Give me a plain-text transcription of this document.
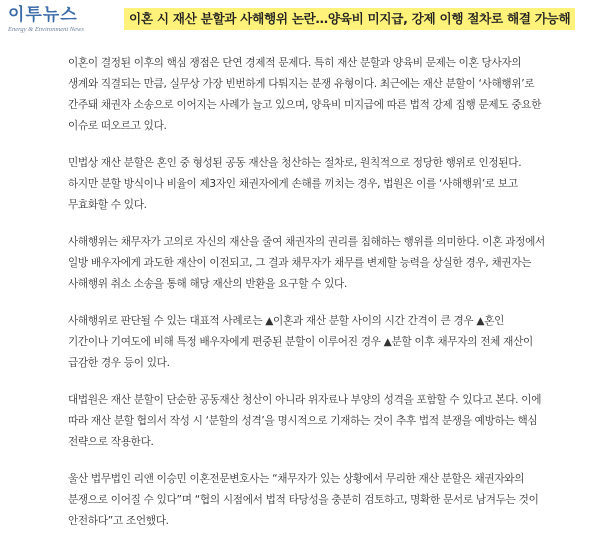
이투뉴스
Energy & Environment News
이혼 시 재산 분할과 사해행위 논란…양육비 미지급, 강제 이행 절차로 해결 가능해

이혼이 결정된 이후의 핵심 쟁점은 단연 경제적 문제다. 특히 재산 분할과 양육비 문제는 이혼 당사자의 생계와 직결되는 만큼, 실무상 가장 빈번하게 다퉈지는 분쟁 유형이다. 최근에는 재산 분할이 ‘사해행위’로 간주돼 채권자 소송으로 이어지는 사례가 늘고 있으며, 양육비 미지급에 따른 법적 강제 집행 문제도 중요한 이슈로 떠오르고 있다.

민법상 재산 분할은 혼인 중 형성된 공동 재산을 청산하는 절차로, 원칙적으로 정당한 행위로 인정된다. 하지만 분할 방식이나 비율이 제3자인 채권자에게 손해를 끼치는 경우, 법원은 이를 ‘사해행위’로 보고 무효화할 수 있다.

사해행위는 채무자가 고의로 자신의 재산을 줄여 채권자의 권리를 침해하는 행위를 의미한다. 이혼 과정에서 일방 배우자에게 과도한 재산이 이전되고, 그 결과 채무자가 채무를 변제할 능력을 상실한 경우, 채권자는 사해행위 취소 소송을 통해 해당 재산의 반환을 요구할 수 있다.

사해행위로 판단될 수 있는 대표적 사례로는 ▲이혼과 재산 분할 사이의 시간 간격이 큰 경우 ▲혼인 기간이나 기여도에 비해 특정 배우자에게 편중된 분할이 이루어진 경우 ▲분할 이후 채무자의 전체 재산이 급감한 경우 등이 있다.

대법원은 재산 분할이 단순한 공동재산 청산이 아니라 위자료나 부양의 성격을 포함할 수 있다고 본다. 이에 따라 재산 분할 협의서 작성 시 ‘분할의 성격’을 명시적으로 기재하는 것이 추후 법적 분쟁을 예방하는 핵심 전략으로 작용한다.

울산 법무법인 리앤 이승민 이혼전문변호사는 “채무자가 있는 상황에서 무리한 재산 분할은 채권자와의 분쟁으로 이어질 수 있다”며 “협의 시점에서 법적 타당성을 충분히 검토하고, 명확한 문서로 남겨두는 것이 안전하다”고 조언했다.
